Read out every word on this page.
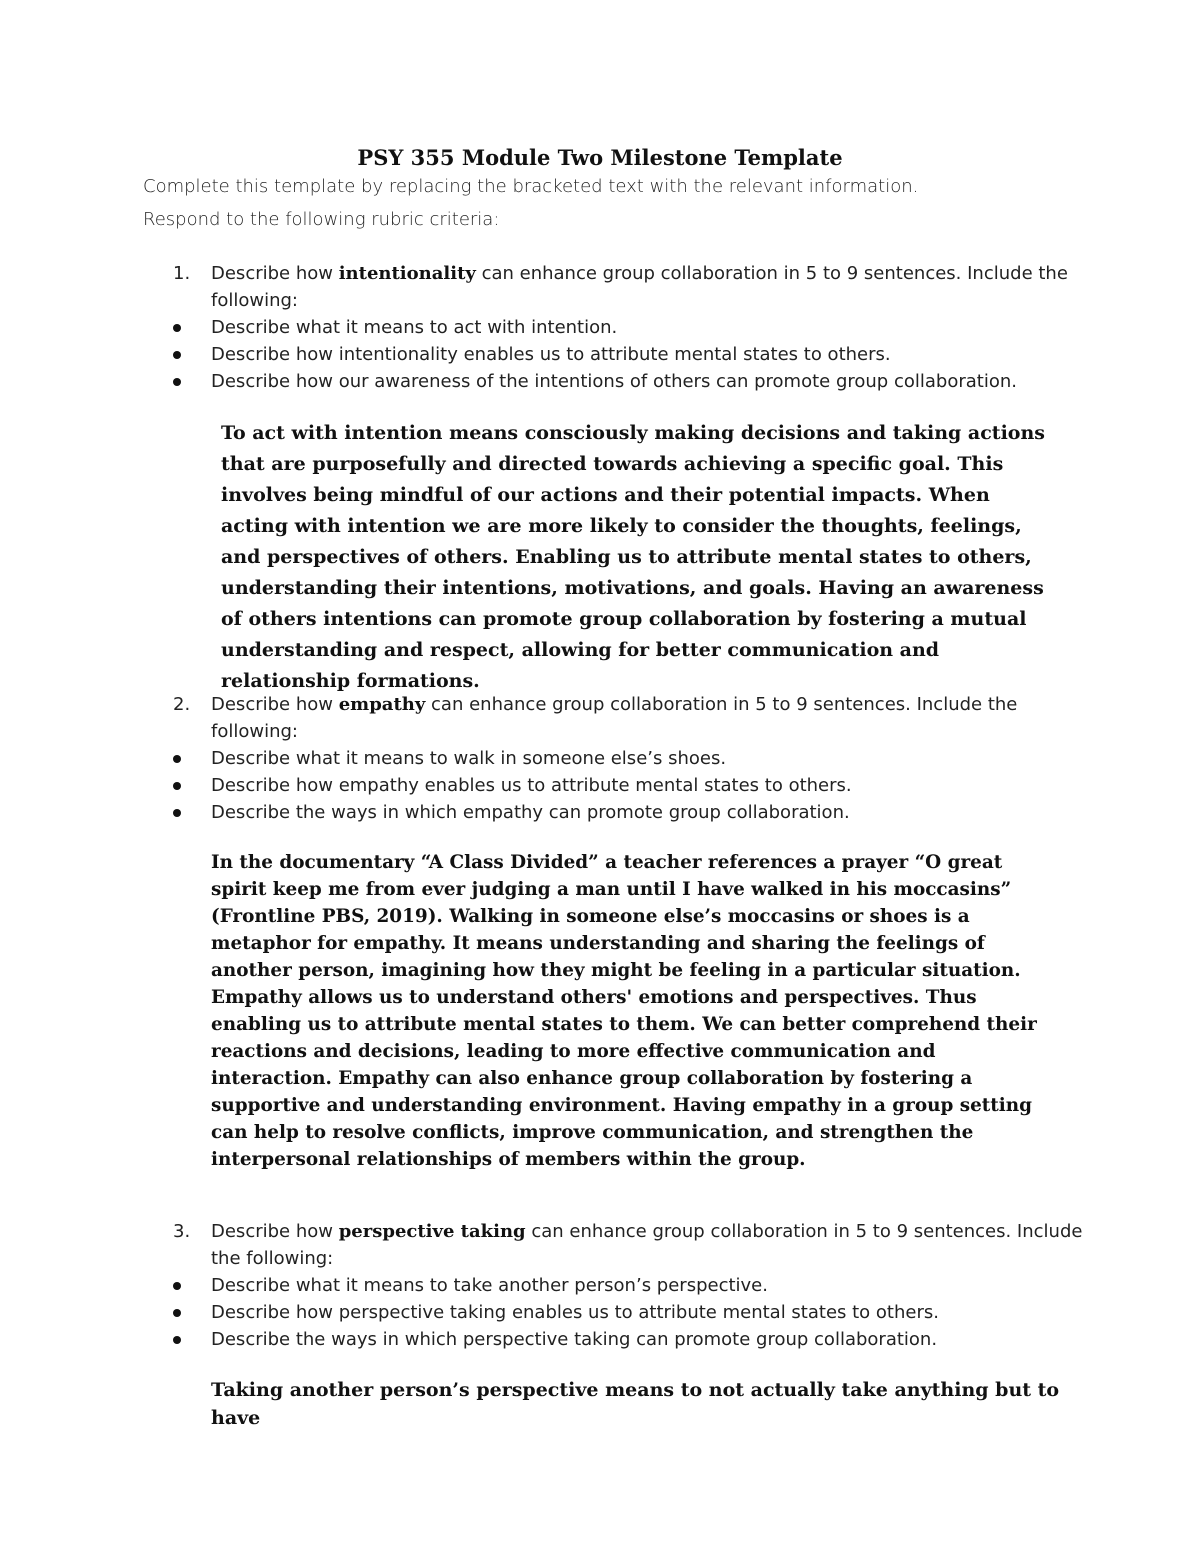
PSY 355 Module Two Milestone Template
Complete this template by replacing the bracketed text with the relevant information.
Respond to the following rubric criteria:
1.	Describe how intentionality can enhance group collaboration in 5 to 9 sentences. Include the following:
Describe what it means to act with intention.
Describe how intentionality enables us to attribute mental states to others.
Describe how our awareness of the intentions of others can promote group collaboration.

To act with intention means consciously making decisions and taking actions that are purposefully and directed towards achieving a specific goal. This involves being mindful of our actions and their potential impacts. When acting with intention we are more likely to consider the thoughts, feelings, and perspectives of others. Enabling us to attribute mental states to others, understanding their intentions, motivations, and goals. Having an awareness of others intentions can promote group collaboration by fostering a mutual understanding and respect, allowing for better communication and relationship formations.

2.	Describe how empathy can enhance group collaboration in 5 to 9 sentences. Include the following:
Describe what it means to walk in someone else’s shoes.
Describe how empathy enables us to attribute mental states to others.
Describe the ways in which empathy can promote group collaboration.

In the documentary “A Class Divided” a teacher references a prayer “O great spirit keep me from ever judging a man until I have walked in his moccasins” (Frontline PBS, 2019). Walking in someone else’s moccasins or shoes is a metaphor for empathy. It means understanding and sharing the feelings of another person, imagining how they might be feeling in a particular situation. Empathy allows us to understand others' emotions and perspectives. Thus enabling us to attribute mental states to them. We can better comprehend their reactions and decisions, leading to more effective communication and interaction. Empathy can also enhance group collaboration by fostering a supportive and understanding environment. Having empathy in a group setting can help to resolve conflicts, improve communication, and strengthen the interpersonal relationships of members within the group.

3.	Describe how perspective taking can enhance group collaboration in 5 to 9 sentences. Include the following:
Describe what it means to take another person’s perspective.
Describe how perspective taking enables us to attribute mental states to others.
Describe the ways in which perspective taking can promote group collaboration.

Taking another person’s perspective means to not actually take anything but to have
